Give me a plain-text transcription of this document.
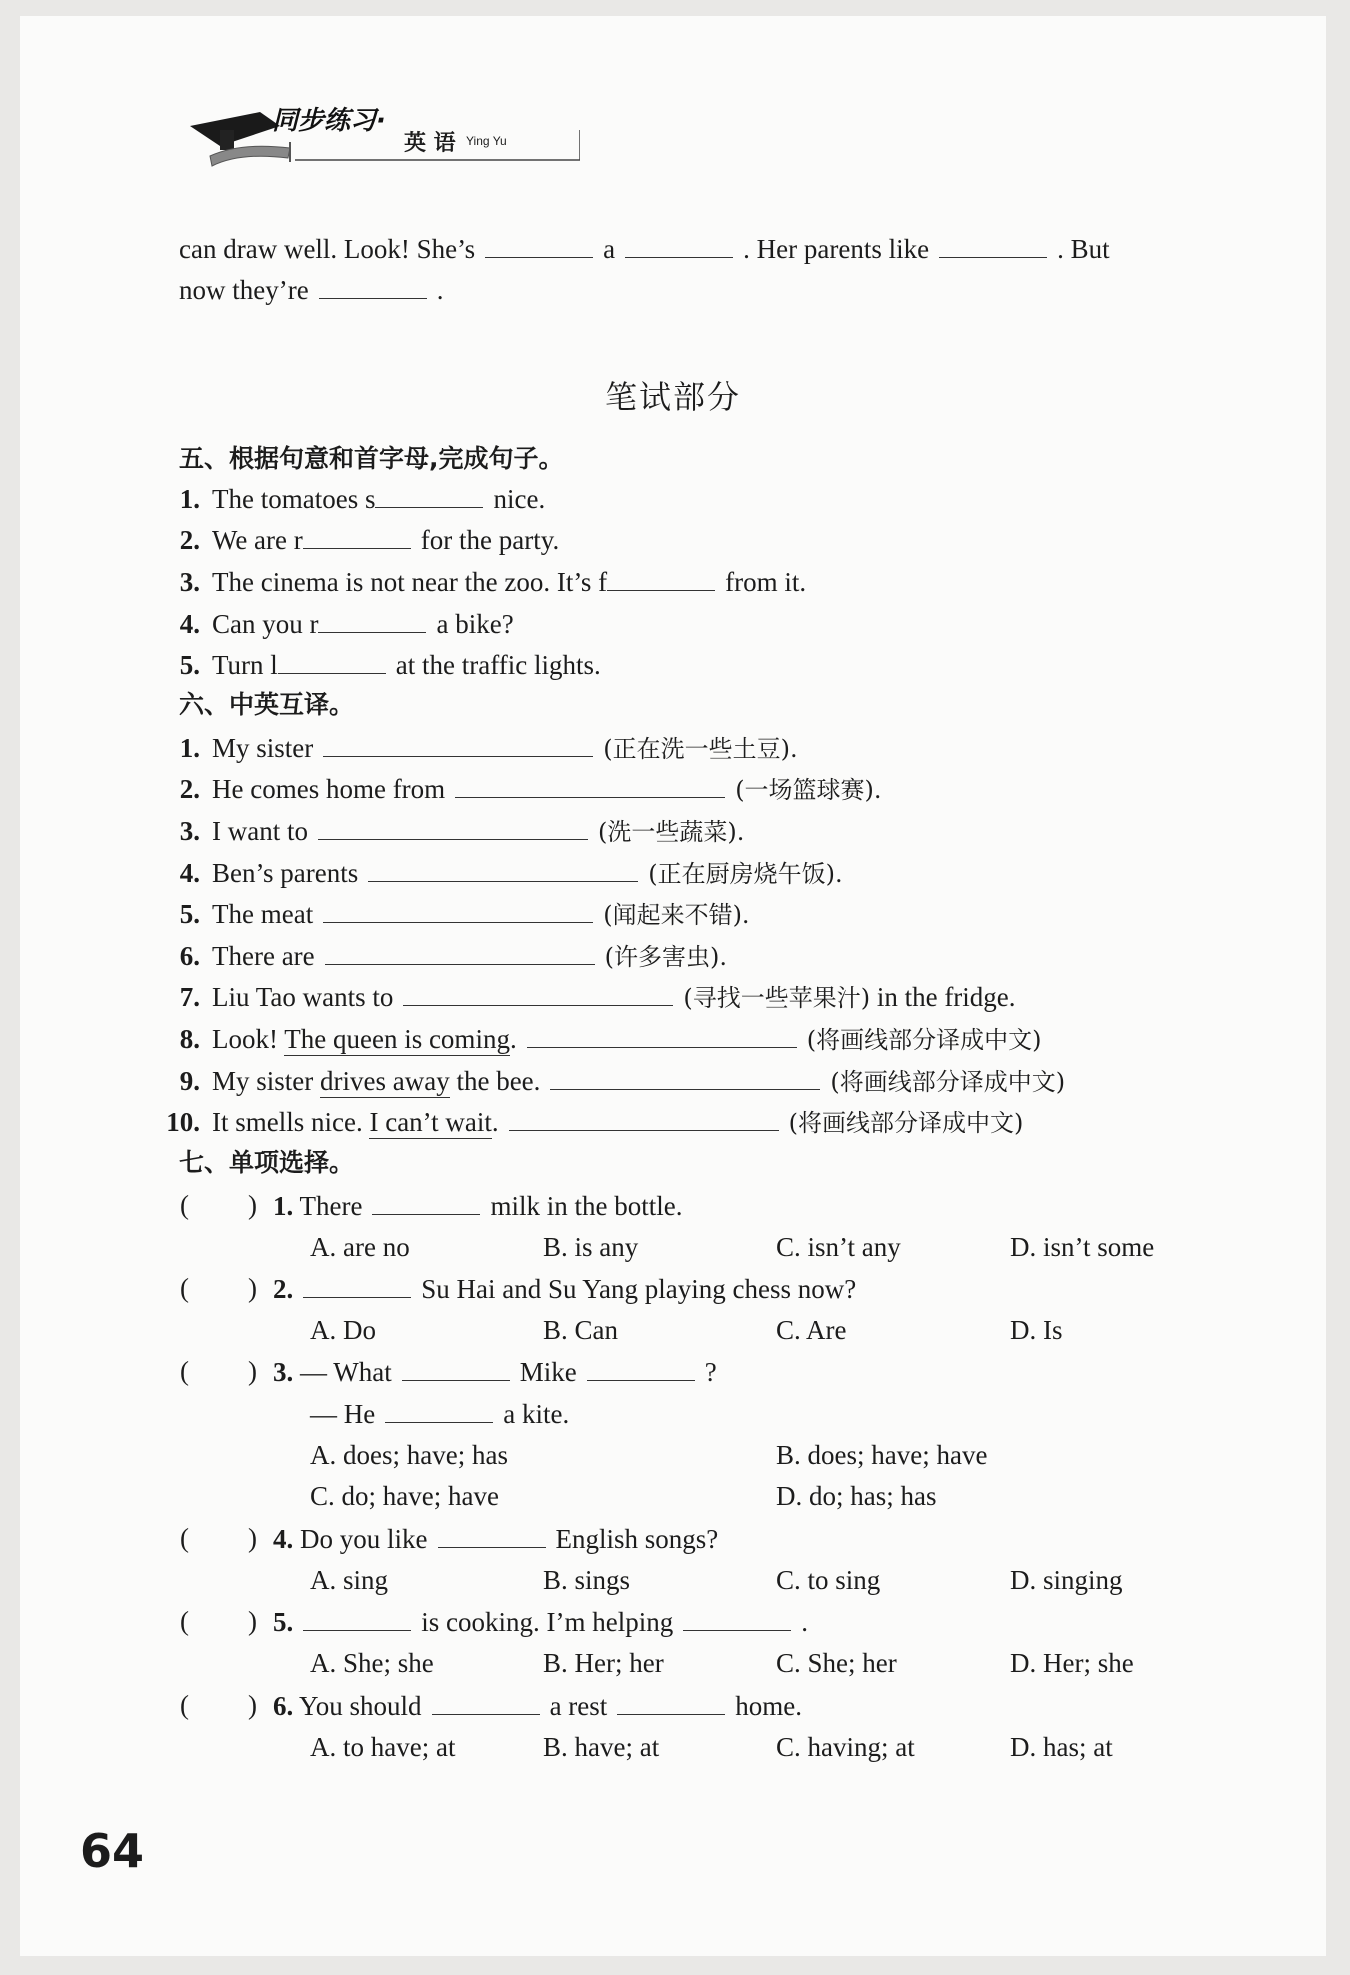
同步练习·
英 语 Ying Yu
can draw well. Look! She’s	a	. Her parents like	. But
now they’re	.
笔试部分
五、根据句意和首字母,完成句子。
1. The tomatoes s	nice.
2. We are r	for the party.
3. The cinema is not near the zoo. It’s f	from it.
4. Can you r	a bike?
5. Turn l	at the traffic lights.
六、中英互译。
1. My sister	(正在洗一些土豆).
2. He comes home from	(一场篮球赛).
3. I want to	(洗一些蔬菜).
4. Ben’s parents	(正在厨房烧午饭).
5. The meat	(闻起来不错).
6. There are	(许多害虫).
7. Liu Tao wants to	(寻找一些苹果汁) in the fridge.
8. Look! The queen is coming.	(将画线部分译成中文)
9. My sister drives away the bee.	(将画线部分译成中文)
10. It smells nice. I can’t wait.	(将画线部分译成中文)
七、单项选择。
( ) 1. There	milk in the bottle.
A. are no	B. is any	C. isn’t any	D. isn’t some
( ) 2.	Su Hai and Su Yang playing chess now?
A. Do	B. Can	C. Are	D. Is
( ) 3. — What	Mike	?
— He	a kite.
A. does; have; has	B. does; have; have
C. do; have; have	D. do; has; has
( ) 4. Do you like	English songs?
A. sing	B. sings	C. to sing	D. singing
( ) 5.	is cooking. I’m helping	.
A. She; she	B. Her; her	C. She; her	D. Her; she
( ) 6. You should	a rest	home.
A. to have; at	B. have; at	C. having; at	D. has; at
64
